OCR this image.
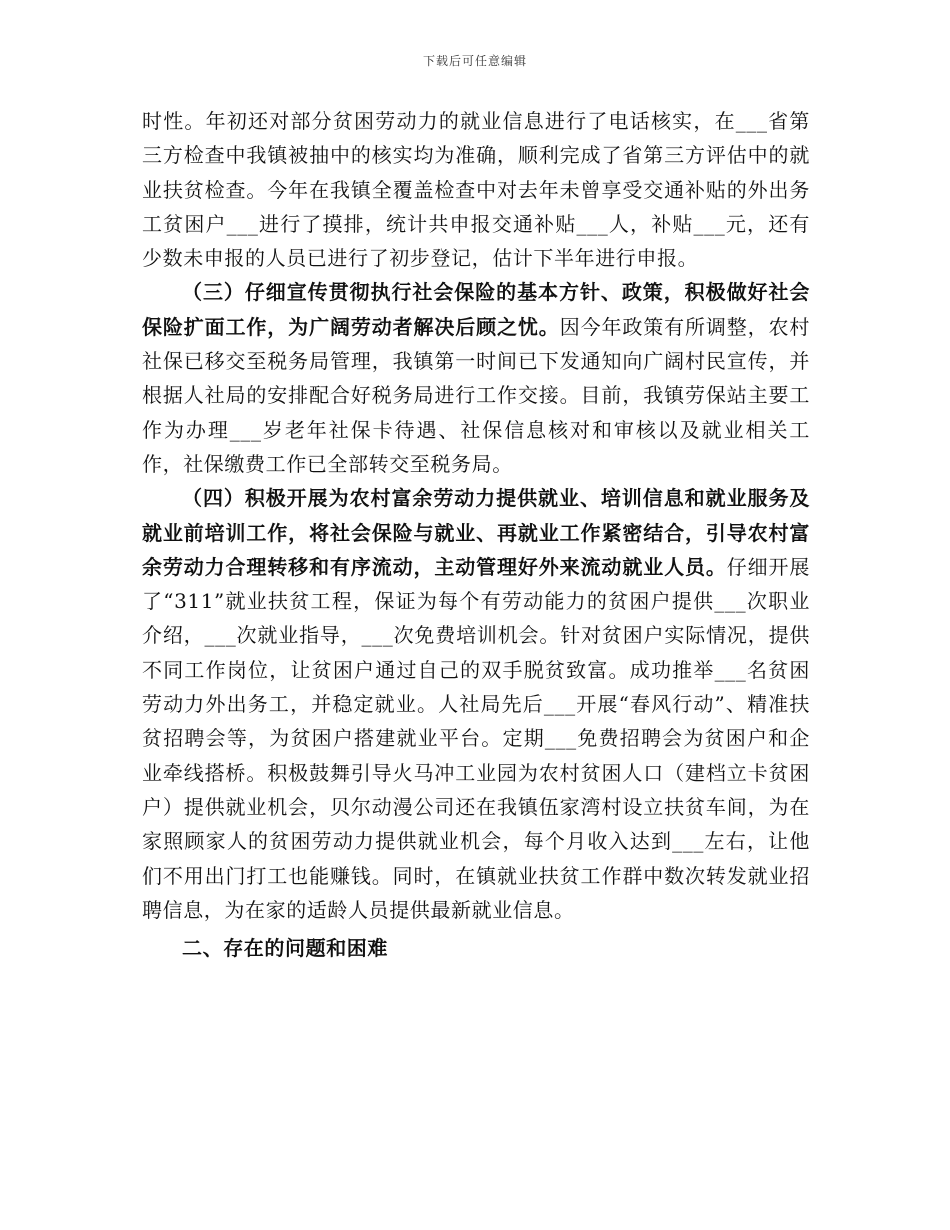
下载后可任意编辑

时性。年初还对部分贫困劳动力的就业信息进行了电话核实，在___省第三方检查中我镇被抽中的核实均为准确，顺利完成了省第三方评估中的就业扶贫检查。今年在我镇全覆盖检查中对去年未曾享受交通补贴的外出务工贫困户___进行了摸排，统计共申报交通补贴___人，补贴___元，还有少数未申报的人员已进行了初步登记，估计下半年进行申报。

（三）仔细宣传贯彻执行社会保险的基本方针、政策，积极做好社会保险扩面工作，为广阔劳动者解决后顾之忧。因今年政策有所调整，农村社保已移交至税务局管理，我镇第一时间已下发通知向广阔村民宣传，并根据人社局的安排配合好税务局进行工作交接。目前，我镇劳保站主要工作为办理___岁老年社保卡待遇、社保信息核对和审核以及就业相关工作，社保缴费工作已全部转交至税务局。

（四）积极开展为农村富余劳动力提供就业、培训信息和就业服务及就业前培训工作，将社会保险与就业、再就业工作紧密结合，引导农村富余劳动力合理转移和有序流动，主动管理好外来流动就业人员。仔细开展了“311”就业扶贫工程，保证为每个有劳动能力的贫困户提供___次职业介绍，___次就业指导，___次免费培训机会。针对贫困户实际情况，提供不同工作岗位，让贫困户通过自己的双手脱贫致富。成功推举___名贫困劳动力外出务工，并稳定就业。人社局先后___开展“春风行动”、精准扶贫招聘会等，为贫困户搭建就业平台。定期___免费招聘会为贫困户和企业牵线搭桥。积极鼓舞引导火马冲工业园为农村贫困人口（建档立卡贫困户）提供就业机会，贝尔动漫公司还在我镇伍家湾村设立扶贫车间，为在家照顾家人的贫困劳动力提供就业机会，每个月收入达到___左右，让他们不用出门打工也能赚钱。同时，在镇就业扶贫工作群中数次转发就业招聘信息，为在家的适龄人员提供最新就业信息。

二、存在的问题和困难
